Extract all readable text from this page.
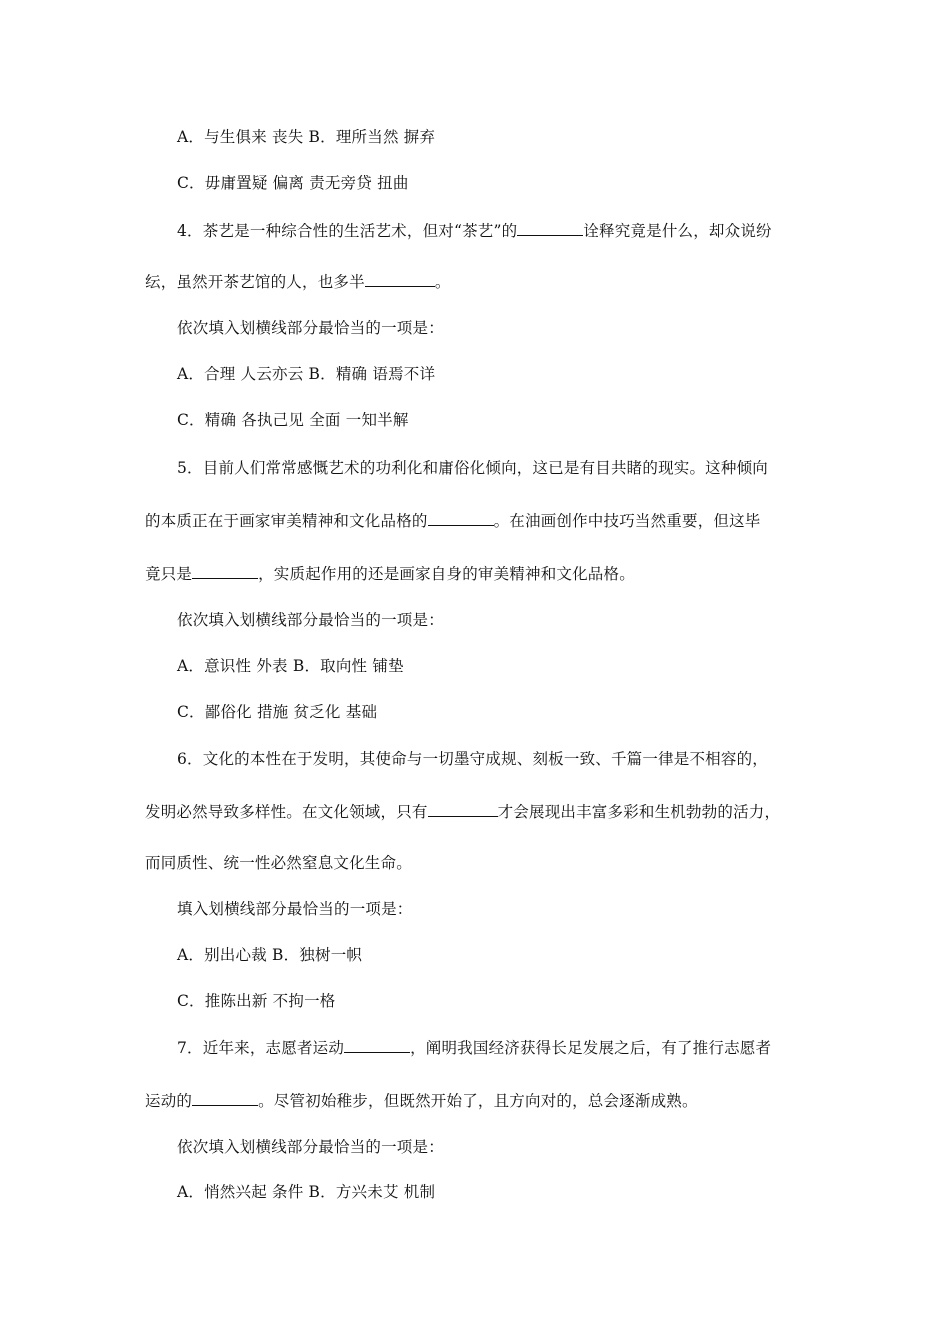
A．与生俱来 丧失 B．理所当然 摒弃
C．毋庸置疑 偏离 责无旁贷 扭曲
4．茶艺是一种综合性的生活艺术，但对“茶艺”的	诠释究竟是什么，却众说纷
纭，虽然开茶艺馆的人，也多半	。
依次填入划横线部分最恰当的一项是：
A．合理 人云亦云 B．精确 语焉不详
C．精确 各执己见 全面 一知半解
5．目前人们常常感慨艺术的功利化和庸俗化倾向，这已是有目共睹的现实。这种倾向
的本质正在于画家审美精神和文化品格的	。在油画创作中技巧当然重要，但这毕
竟只是	，实质起作用的还是画家自身的审美精神和文化品格。
依次填入划横线部分最恰当的一项是：
A．意识性 外表 B．取向性 铺垫
C．鄙俗化 措施 贫乏化 基础
6．文化的本性在于发明，其使命与一切墨守成规、刻板一致、千篇一律是不相容的，
发明必然导致多样性。在文化领域，只有	才会展现出丰富多彩和生机勃勃的活力，
而同质性、统一性必然窒息文化生命。
填入划横线部分最恰当的一项是：
A．别出心裁 B．独树一帜
C．推陈出新 不拘一格
7．近年来，志愿者运动	，阐明我国经济获得长足发展之后，有了推行志愿者
运动的	。尽管初始稚步，但既然开始了，且方向对的，总会逐渐成熟。
依次填入划横线部分最恰当的一项是：
A．悄然兴起 条件 B．方兴未艾 机制
